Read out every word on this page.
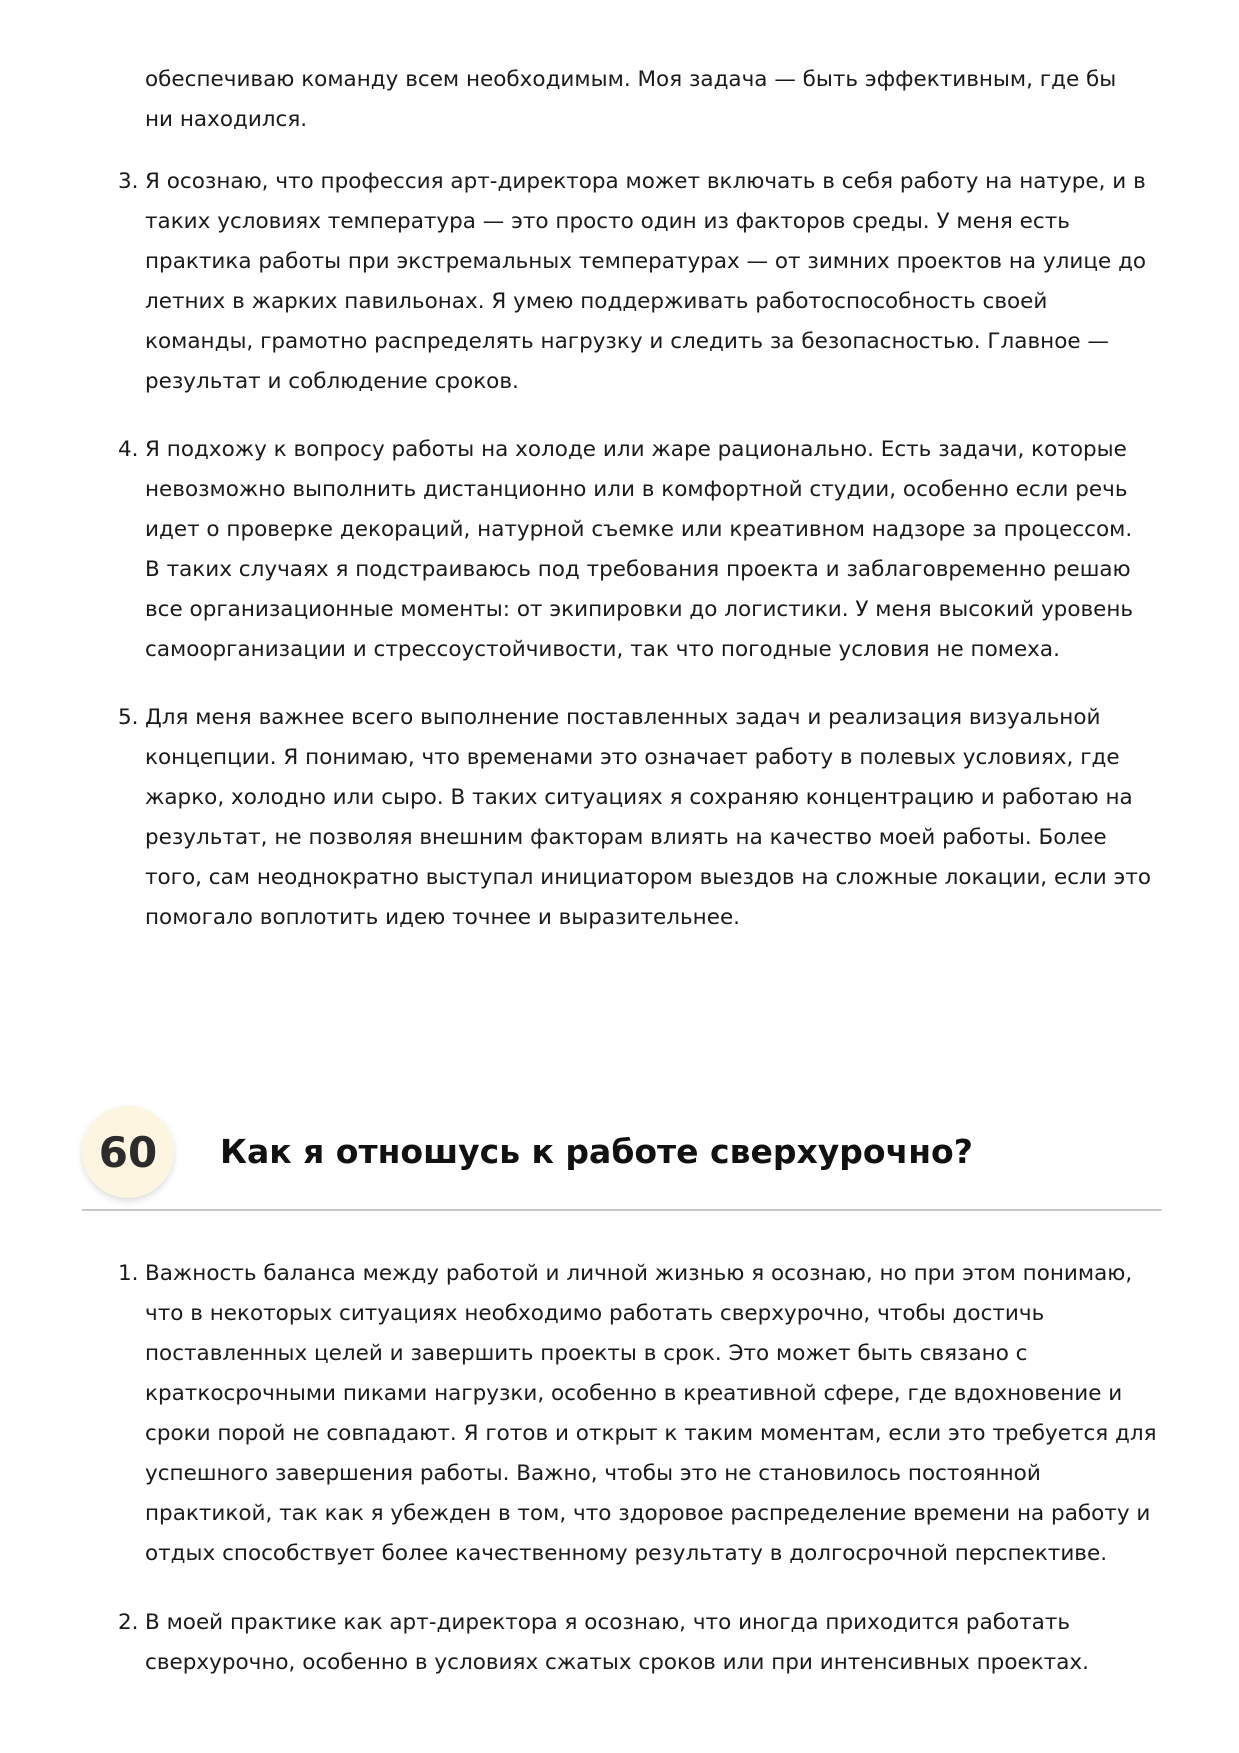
обеспечиваю команду всем необходимым. Моя задача — быть эффективным, где бы
ни находился.
3. Я осознаю, что профессия арт-директора может включать в себя работу на натуре, и в
таких условиях температура — это просто один из факторов среды. У меня есть
практика работы при экстремальных температурах — от зимних проектов на улице до
летних в жарких павильонах. Я умею поддерживать работоспособность своей
команды, грамотно распределять нагрузку и следить за безопасностью. Главное —
результат и соблюдение сроков.
4. Я подхожу к вопросу работы на холоде или жаре рационально. Есть задачи, которые
невозможно выполнить дистанционно или в комфортной студии, особенно если речь
идет о проверке декораций, натурной съемке или креативном надзоре за процессом.
В таких случаях я подстраиваюсь под требования проекта и заблаговременно решаю
все организационные моменты: от экипировки до логистики. У меня высокий уровень
самоорганизации и стрессоустойчивости, так что погодные условия не помеха.
5. Для меня важнее всего выполнение поставленных задач и реализация визуальной
концепции. Я понимаю, что временами это означает работу в полевых условиях, где
жарко, холодно или сыро. В таких ситуациях я сохраняю концентрацию и работаю на
результат, не позволяя внешним факторам влиять на качество моей работы. Более
того, сам неоднократно выступал инициатором выездов на сложные локации, если это
помогало воплотить идею точнее и выразительнее.
60	Как я отношусь к работе сверхурочно?
1. Важность баланса между работой и личной жизнью я осознаю, но при этом понимаю,
что в некоторых ситуациях необходимо работать сверхурочно, чтобы достичь
поставленных целей и завершить проекты в срок. Это может быть связано с
краткосрочными пиками нагрузки, особенно в креативной сфере, где вдохновение и
сроки порой не совпадают. Я готов и открыт к таким моментам, если это требуется для
успешного завершения работы. Важно, чтобы это не становилось постоянной
практикой, так как я убежден в том, что здоровое распределение времени на работу и
отдых способствует более качественному результату в долгосрочной перспективе.
2. В моей практике как арт-директора я осознаю, что иногда приходится работать
сверхурочно, особенно в условиях сжатых сроков или при интенсивных проектах.
